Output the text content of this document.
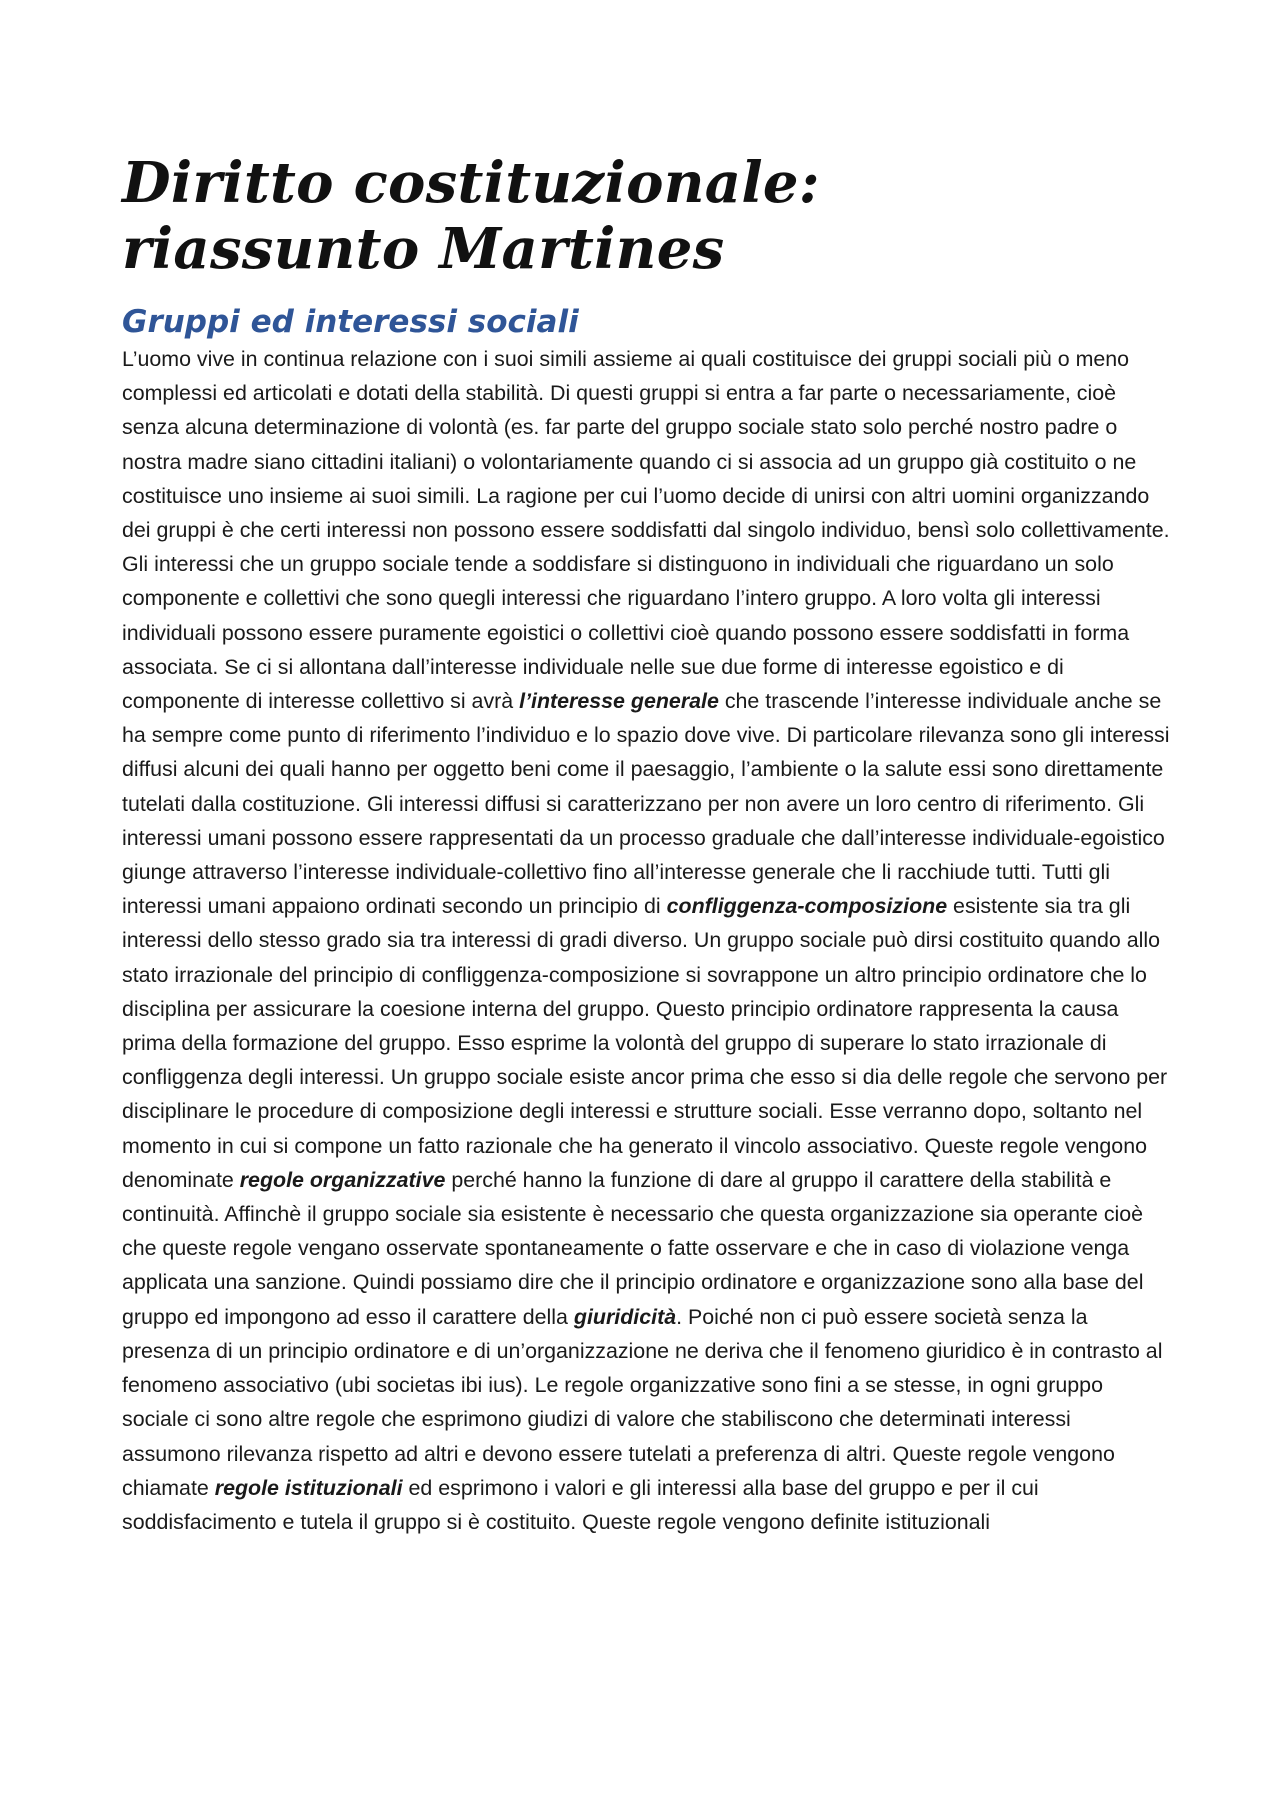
Diritto costituzionale:
riassunto Martines
Gruppi ed interessi sociali

L’uomo vive in continua relazione con i suoi simili assieme ai quali costituisce dei gruppi sociali più o meno complessi ed articolati e dotati della stabilità. Di questi gruppi si entra a far parte o necessariamente, cioè senza alcuna determinazione di volontà (es. far parte del gruppo sociale stato solo perché nostro padre o nostra madre siano cittadini italiani) o volontariamente quando ci si associa ad un gruppo già costituito o ne costituisce uno insieme ai suoi simili. La ragione per cui l’uomo decide di unirsi con altri uomini organizzando dei gruppi è che certi interessi non possono essere soddisfatti dal singolo individuo, bensì solo collettivamente. Gli interessi che un gruppo sociale tende a soddisfare si distinguono in individuali che riguardano un solo componente e collettivi che sono quegli interessi che riguardano l’intero gruppo. A loro volta gli interessi individuali possono essere puramente egoistici o collettivi cioè quando possono essere soddisfatti in forma associata. Se ci si allontana dall’interesse individuale nelle sue due forme di interesse egoistico e di componente di interesse collettivo si avrà l’interesse generale che trascende l’interesse individuale anche se ha sempre come punto di riferimento l’individuo e lo spazio dove vive. Di particolare rilevanza sono gli interessi diffusi alcuni dei quali hanno per oggetto beni come il paesaggio, l’ambiente o la salute essi sono direttamente tutelati dalla costituzione. Gli interessi diffusi si caratterizzano per non avere un loro centro di riferimento. Gli interessi umani possono essere rappresentati da un processo graduale che dall’interesse individuale-egoistico giunge attraverso l’interesse individuale-collettivo fino all’interesse generale che li racchiude tutti. Tutti gli interessi umani appaiono ordinati secondo un principio di confliggenza-composizione esistente sia tra gli interessi dello stesso grado sia tra interessi di gradi diverso. Un gruppo sociale può dirsi costituito quando allo stato irrazionale del principio di confliggenza-composizione si sovrappone un altro principio ordinatore che lo disciplina per assicurare la coesione interna del gruppo. Questo principio ordinatore rappresenta la causa prima della formazione del gruppo. Esso esprime la volontà del gruppo di superare lo stato irrazionale di confliggenza degli interessi. Un gruppo sociale esiste ancor prima che esso si dia delle regole che servono per disciplinare le procedure di composizione degli interessi e strutture sociali. Esse verranno dopo, soltanto nel momento in cui si compone un fatto razionale che ha generato il vincolo associativo. Queste regole vengono denominate regole organizzative perché hanno la funzione di dare al gruppo il carattere della stabilità e continuità. Affinchè il gruppo sociale sia esistente è necessario che questa organizzazione sia operante cioè che queste regole vengano osservate spontaneamente o fatte osservare e che in caso di violazione venga applicata una sanzione. Quindi possiamo dire che il principio ordinatore e organizzazione sono alla base del gruppo ed impongono ad esso il carattere della giuridicità. Poiché non ci può essere società senza la presenza di un principio ordinatore e di un’organizzazione ne deriva che il fenomeno giuridico è in contrasto al fenomeno associativo (ubi societas ibi ius). Le regole organizzative sono fini a se stesse, in ogni gruppo sociale ci sono altre regole che esprimono giudizi di valore che stabiliscono che determinati interessi assumono rilevanza rispetto ad altri e devono essere tutelati a preferenza di altri. Queste regole vengono chiamate regole istituzionali ed esprimono i valori e gli interessi alla base del gruppo e per il cui soddisfacimento e tutela il gruppo si è costituito. Queste regole vengono definite istituzionali
